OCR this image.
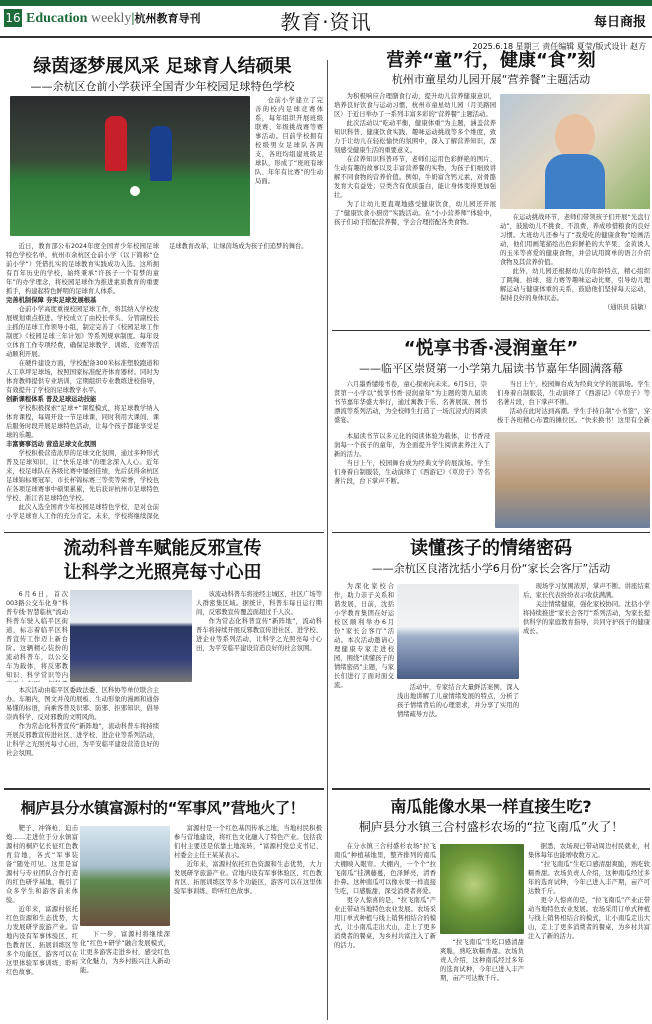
16 Education weekly|杭州教育导刊	教育·资讯	每日商报
2025.6.18 星期三 责任编辑 夏莹/版式设计 赵方
绿茵逐梦展风采 足球育人结硕果
——余杭区仓前小学获评全国青少年校园足球特色学校

仓前小学建立了完善的校内足球竞赛体系，每年组织开展班级联赛、年级挑战赛等赛事活动。目前学校拥有校级男女足球队各两支，各班均组建班级足球队，形成了“班班有球队、年年有比赛”的生动局面。

近日，教育部公布2024年度全国青少年校园足球特色学校名单，杭州市余杭区仓前小学（以下简称“仓前小学”）凭借扎实的足球教育实践成功入选。这所拥有百年历史的学校，始终秉承“许孩子一个有梦的童年”的办学理念，将校园足球作为推进素质教育的重要抓手，构建起特色鲜明的足球育人体系。

完善机制保障 夯实足球发展根基

仓前小学高度重视校园足球工作，将其纳入学校发展规划重点推进。学校成立了由校长牵头、分管副校长主抓的足球工作领导小组，制定完善了《校园足球工作制度》《校园足球三年计划》等系列规章制度。每年设立体育工作专项经费，确保足球教学、训练、竞赛等活动顺利开展。

在硬件建设方面，学校配备300米标准塑胶跑道和人工草坪足球场，按照国家标准配齐体育器材。同时为体育教师提供专业培训，定期组织专业教练进校指导，有效提升了学校的足球教学水平。

创新课程体系 普及足球运动技能

学校积极探索“足球+”课程模式，将足球教学纳入体育课程，每周开设一节足球课，同时利用大课间、课后服务时段开展足球特色活动，让每个孩子都能享受足球的乐趣。

丰富赛事活动 营造足球文化氛围

学校积极营造浓厚的足球文化氛围，通过多种形式普及足球知识，让“快乐足球”的理念深入人心。近年来，校足球队在各级比赛中屡创佳绩，先后获得余杭区足球锦标赛冠军、市长杯锦标赛三等奖等荣誉，学校也在各项足球赛事中硕果累累，先后获评杭州市足球特色学校、浙江省足球特色学校。

此次入选全国青少年校园足球特色学校，是对仓前小学足球育人工作的充分肯定。未来，学校将继续深化足球教育改革，让绿茵场成为孩子们追梦的舞台。

营养“童”行，健康“食”刻
杭州市童星幼儿园开展“营养餐”主题活动

为积极响应合理膳食行动，提升幼儿营养健康意识，培养良好饮食与运动习惯，杭州市童星幼儿园（月美路园区）于近日举办了一系列丰富多彩的“营养餐”主题活动。

此次活动以“吃动平衡，健康体重”为主题，涵盖营养知识科普、健康饮食实践、趣味运动挑战等多个维度，致力于让幼儿在轻松愉快的氛围中，深入了解营养知识，深刻感受健康生活的重要意义。

在营养知识科普环节，老师们运用色彩鲜艳的图片、生动有趣的故事以及丰富营养餐的实物，为孩子们细致讲解不同食物的营养价值。例如，牛奶富含钙元素，对骨骼发育大有益处；豆类含有优质蛋白，能让身体变得更加强壮。

为了让幼儿更直观地感受健康饮食，幼儿园还开展了“健康饮食小厨房”实践活动。在“小小营养师”体验中，孩子们动手搭配营养餐，学会合理搭配各类食物。

在运动挑战环节，老师们带领孩子们开展“光盘行动”，鼓励幼儿不挑食、不浪费，养成珍惜粮食的良好习惯。大班幼儿还参与了“我爱吃的健康食物”绘画活动，他们用画笔描绘出色彩鲜艳的大苹果、金黄诱人的玉米等喜爱的健康食物，并尝试用简单的语言介绍食物及其营养价值。

此外，幼儿园还根据幼儿的年龄特点，精心组织了跳绳、拍球、接力赛等趣味运动比赛，引导幼儿理解运动与健康体重的关系，鼓励他们坚持每天运动，保持良好的身体状态。

（通讯员 陆敏）
“悦享书香·浸润童年”
——临平区崇贤第一小学第九届读书节嘉年华圆满落幕

六月墨香缱绻书卷，童心探索向未来。6月5日，崇贤第一小学以“悦享书香·浸润童年”为主题的第九届读书节嘉年华盛大举行，通过寓教于乐、名著展演、图书漂流等系列活动，为全校师生打造了一场沉浸式的阅读盛宴。

当日上午，校园舞台成为经典文学的展演场。学生们身着自制服装，生动演绎了《西游记》《草房子》等名著片段，台下掌声不断。

活动在此时达到高潮。学生手持自制“小书签”，穿梭于各班精心布置的摊位区。“快来换书！这里有全新

本届读书节以多元化的阅读体验为载体，让书香浸润每一个孩子的童年，为全面提升学生阅读素养注入了新的活力。

当日上午，校园舞台成为经典文学的展演场。学生们身着自制服装，生动演绎了《西游记》《草房子》等名著片段，台下掌声不断。

流动科普车赋能反邪宣传
让科学之光照亮每寸心田

6月6日，首次003路公交车化身“科普专线·智慧临杭”流动科普车驶入临平区街道，标志着临平区科普宣传工作迈上新台阶。这辆精心装扮的流动科普车，以公交车为载体，将反邪教知识、科学常识等内

该流动科普车将途经主城区、社区广场等人群密集区域。据统计，科普车每日运行期间，反邪教宣传覆盖面超过千人次。

作为常态化科普宣传“新阵地”，流动科普车将持续开展反邪教宣传进社区、进学校、进企业等系列活动，让科学之光照亮每寸心田，为平安临平建设营造良好的社会氛围。

本次活动由临平区委政法委、区科协等单位联合主办。车厢内，图文并茂的展板、生动形象的漫画和通俗易懂的标语，向乘客普及识邪、防邪、拒邪知识，倡导崇尚科学、反对邪教的文明风尚。

作为常态化科普宣传“新阵地”，流动科普车将持续开展反邪教宣传进社区、进学校、进企业等系列活动，让科学之光照亮每寸心田，为平安临平建设营造良好的社会氛围。

读懂孩子的情绪密码
——余杭区良渚沈括小学6月份“家长会客厅”活动

为深化家校合作，助力亲子关系和谐发展，日前，沈括小学教育集团在好运校区顺利举办6月份“家长会客厅”活动。本次活动邀请心理健康专家走进校园，围绕“读懂孩子的情绪密码”主题，与家长们进行了面对面交流。	活动中，专家结合大量鲜活案例，深入浅出地讲解了儿童情绪发展的特点，分析了孩子情绪背后的心理需求，并分享了实用的情绪疏导方法。

现场学习氛围浓厚，掌声不断。讲座结束后，家长代表纷纷表示收获满满。

关注情绪健康，强化家校协同。沈括小学将持续推进“家长会客厅”系列活动，为家长提供科学的家庭教育指导，共同守护孩子的健康成长。

桐庐县分水镇富源村的“军事风”营地火了！

靶子、冲锋枪、迫击炮……走进位于分水镇富源村的桐庐亿长征红色教育营地，各式“军事装备”随处可见。这里是富源村与专业团队合作打造的红色研学基地，吸引了众多学生和游客前来体验。

近年来，富源村依托红色资源和生态优势，大力发展研学旅游产业。营地内设有军事体验区、红色教育区、拓展训练区等多个功能区，游客可以在这里体验军事训练、聆听红色故事。

下一步，富源村将继续深化“红色+研学”融合发展模式，让更多游客走进乡村，感受红色文化魅力，为乡村振兴注入新动能。

富源村是一个红色基因传承之地，当地村民积极参与营地建设，将红色文化融入了特色产业。包括我们村主要还是依靠土地流转，“富源村党总支书记、村委会主任王某某表示。

近年来，富源村依托红色资源和生态优势，大力发展研学旅游产业。营地内设有军事体验区、红色教育区、拓展训练区等多个功能区，游客可以在这里体验军事训练、聆听红色故事。

南瓜能像水果一样直接生吃?
桐庐县分水镇三合村盛杉农场的“拉飞南瓜”火了！

在分水镇三合村盛杉农场“拉飞南瓜”种植基地里，整齐排列的南瓜大棚映入眼帘。大棚内，一个个“拉飞南瓜”挂满藤蔓，色泽鲜亮，清香扑鼻。这种南瓜可以像水果一样直接生吃，口感脆甜，深受消费者喜爱。

更令人惊喜的是，“拉飞南瓜”产业正带动当地特色农业发展。农场采用订单式种植与线上销售相结合的模式，让小南瓜走出大山，走上了更多消费者的餐桌，为乡村共富注入了新的活力。	“拉飞南瓜”生吃口感清甜爽脆，熟吃软糯香甜。农场负责人介绍，这种南瓜经过多年的选育试种，今年已进入丰产期，亩产可达数千斤。

据悉，农场现已带动周边村民就业，村集体每年也能增收数万元。

“拉飞南瓜”生吃口感清甜爽脆，熟吃软糯香甜。农场负责人介绍，这种南瓜经过多年的选育试种，今年已进入丰产期，亩产可达数千斤。

更令人惊喜的是，“拉飞南瓜”产业正带动当地特色农业发展。农场采用订单式种植与线上销售相结合的模式，让小南瓜走出大山，走上了更多消费者的餐桌，为乡村共富注入了新的活力。
